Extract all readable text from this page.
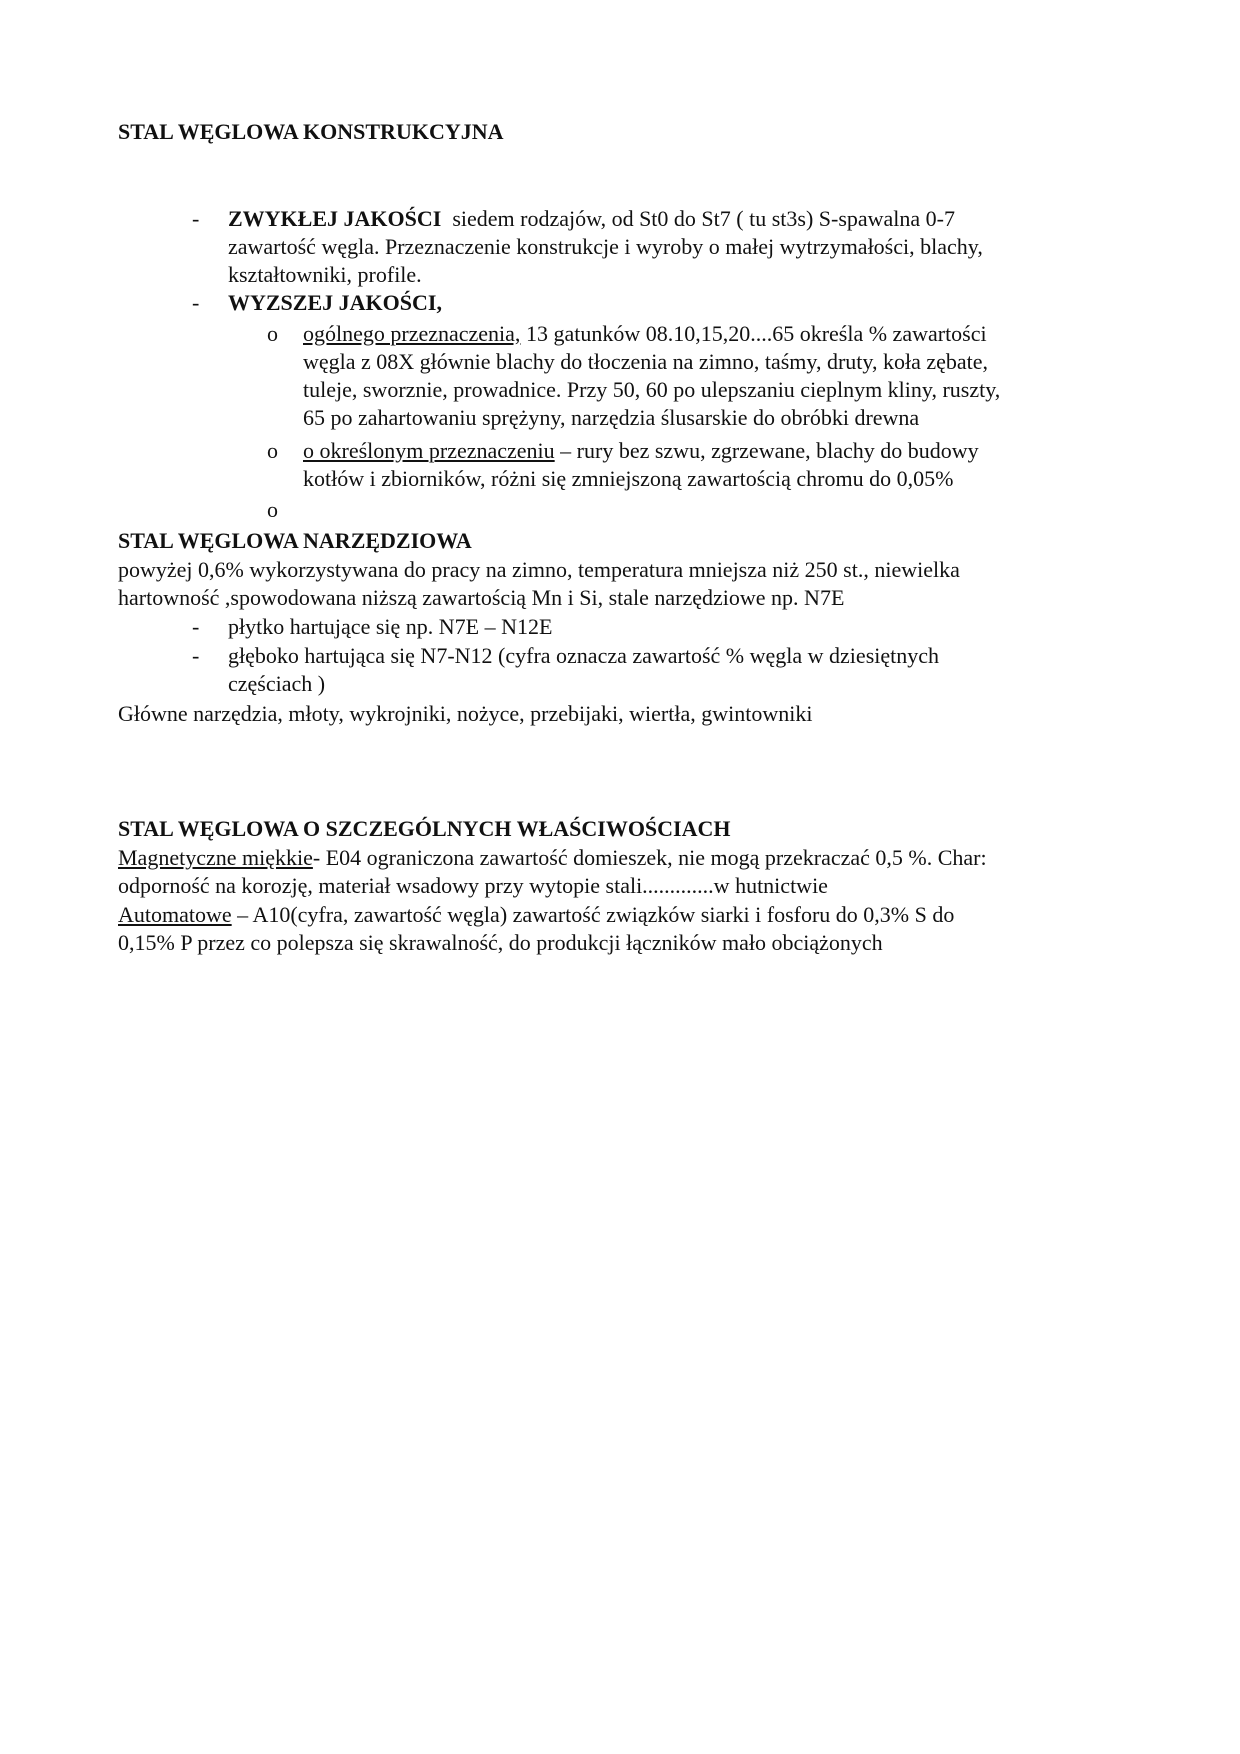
STAL WĘGLOWA KONSTRUKCYJNA
- ZWYKŁEJ JAKOŚCI siedem rodzajów, od St0 do St7 ( tu st3s) S-spawalna 0-7
zawartość węgla. Przeznaczenie konstrukcje i wyroby o małej wytrzymałości, blachy,
kształtowniki, profile.
- WYZSZEJ JAKOŚCI,
o ogólnego przeznaczenia, 13 gatunków 08.10,15,20....65 określa % zawartości
węgla z 08X głównie blachy do tłoczenia na zimno, taśmy, druty, koła zębate,
tuleje, sworznie, prowadnice. Przy 50, 60 po ulepszaniu cieplnym kliny, ruszty,
65 po zahartowaniu sprężyny, narzędzia ślusarskie do obróbki drewna
o o określonym przeznaczeniu – rury bez szwu, zgrzewane, blachy do budowy
kotłów i zbiorników, różni się zmniejszoną zawartością chromu do 0,05%
o
STAL WĘGLOWA NARZĘDZIOWA
powyżej 0,6% wykorzystywana do pracy na zimno, temperatura mniejsza niż 250 st., niewielka
hartowność ,spowodowana niższą zawartością Mn i Si, stale narzędziowe np. N7E
- płytko hartujące się np. N7E – N12E
- głęboko hartująca się N7-N12 (cyfra oznacza zawartość % węgla w dziesiętnych
częściach )
Główne narzędzia, młoty, wykrojniki, nożyce, przebijaki, wiertła, gwintowniki
STAL WĘGLOWA O SZCZEGÓLNYCH WŁAŚCIWOŚCIACH
Magnetyczne miękkie- E04 ograniczona zawartość domieszek, nie mogą przekraczać 0,5 %. Char:
odporność na korozję, materiał wsadowy przy wytopie stali.............w hutnictwie
Automatowe – A10(cyfra, zawartość węgla) zawartość związków siarki i fosforu do 0,3% S do
0,15% P przez co polepsza się skrawalność, do produkcji łączników mało obciążonych
